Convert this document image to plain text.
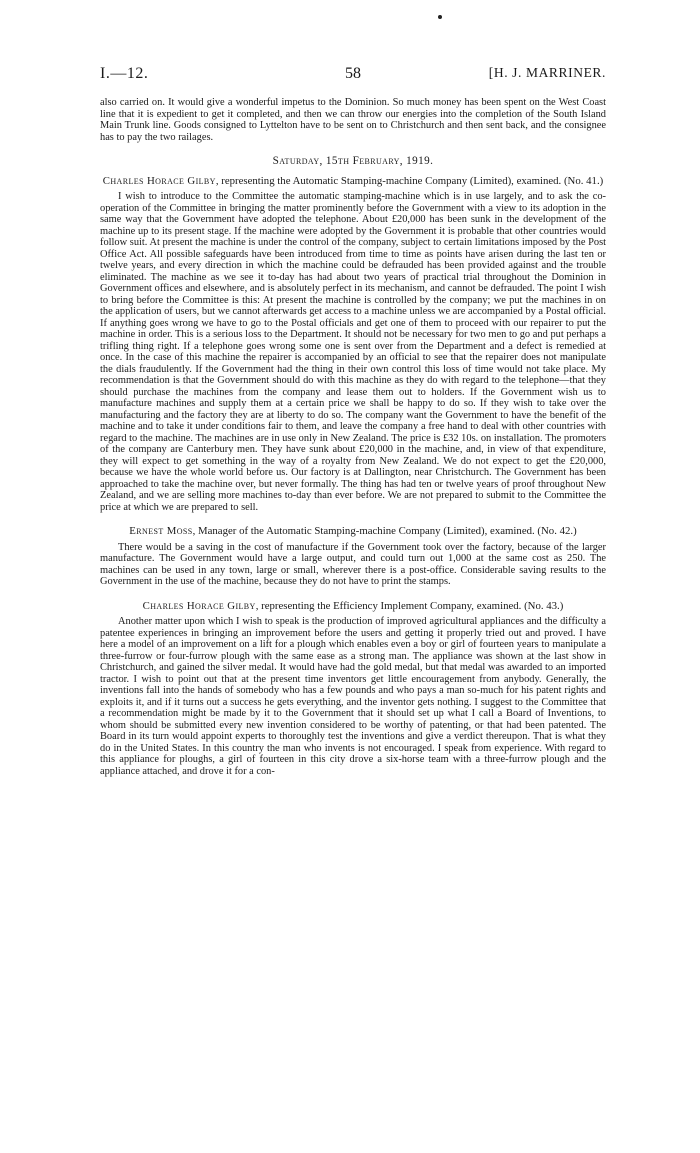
I.—12.	58	[H. J. MARRINER.

also carried on. It would give a wonderful impetus to the Dominion. So much money has been spent on the West Coast line that it is expedient to get it completed, and then we can throw our energies into the completion of the South Island Main Trunk line. Goods consigned to Lyttelton have to be sent on to Christchurch and then sent back, and the consignee has to pay the two railages.

Saturday, 15th February, 1919.
Charles Horace Gilby, representing the Automatic Stamping-machine Company (Limited), examined. (No. 41.)

I wish to introduce to the Committee the automatic stamping-machine which is in use largely, and to ask the co-operation of the Committee in bringing the matter prominently before the Government with a view to its adoption in the same way that the Government have adopted the telephone. About £20,000 has been sunk in the development of the machine up to its present stage. If the machine were adopted by the Government it is probable that other countries would follow suit. At present the machine is under the control of the company, subject to certain limitations imposed by the Post Office Act. All possible safeguards have been introduced from time to time as points have arisen during the last ten or twelve years, and every direction in which the machine could be defrauded has been provided against and the trouble eliminated. The machine as we see it to-day has had about two years of practical trial throughout the Dominion in Government offices and elsewhere, and is absolutely perfect in its mechanism, and cannot be defrauded. The point I wish to bring before the Committee is this: At present the machine is controlled by the company; we put the machines in on the application of users, but we cannot afterwards get access to a machine unless we are accompanied by a Postal official. If anything goes wrong we have to go to the Postal officials and get one of them to proceed with our repairer to put the machine in order. This is a serious loss to the Department. It should not be necessary for two men to go and put perhaps a trifling thing right. If a telephone goes wrong some one is sent over from the Department and a defect is remedied at once. In the case of this machine the repairer is accompanied by an official to see that the repairer does not manipulate the dials fraudulently. If the Government had the thing in their own control this loss of time would not take place. My recommendation is that the Government should do with this machine as they do with regard to the telephone—that they should purchase the machines from the company and lease them out to holders. If the Government wish us to manufacture machines and supply them at a certain price we shall be happy to do so. If they wish to take over the manufacturing and the factory they are at liberty to do so. The company want the Government to have the benefit of the machine and to take it under conditions fair to them, and leave the company a free hand to deal with other countries with regard to the machine. The machines are in use only in New Zealand. The price is £32 10s. on installation. The promoters of the company are Canterbury men. They have sunk about £20,000 in the machine, and, in view of that expenditure, they will expect to get something in the way of a royalty from New Zealand. We do not expect to get the £20,000, because we have the whole world before us. Our factory is at Dallington, near Christchurch. The Government has been approached to take the machine over, but never formally. The thing has had ten or twelve years of proof throughout New Zealand, and we are selling more machines to-day than ever before. We are not prepared to submit to the Committee the price at which we are prepared to sell.

Ernest Moss, Manager of the Automatic Stamping-machine Company (Limited), examined. (No. 42.)

There would be a saving in the cost of manufacture if the Government took over the factory, because of the larger manufacture. The Government would have a large output, and could turn out 1,000 at the same cost as 250. The machines can be used in any town, large or small, wherever there is a post-office. Considerable saving results to the Government in the use of the machine, because they do not have to print the stamps.

Charles Horace Gilby, representing the Efficiency Implement Company, examined. (No. 43.)

Another matter upon which I wish to speak is the production of improved agricultural appliances and the difficulty a patentee experiences in bringing an improvement before the users and getting it properly tried out and proved. I have here a model of an improvement on a lift for a plough which enables even a boy or girl of fourteen years to manipulate a three-furrow or four-furrow plough with the same ease as a strong man. The appliance was shown at the last show in Christchurch, and gained the silver medal. It would have had the gold medal, but that medal was awarded to an imported tractor. I wish to point out that at the present time inventors get little encouragement from anybody. Generally, the inventions fall into the hands of somebody who has a few pounds and who pays a man so-much for his patent rights and exploits it, and if it turns out a success he gets everything, and the inventor gets nothing. I suggest to the Committee that a recommendation might be made by it to the Government that it should set up what I call a Board of Inventions, to whom should be submitted every new invention considered to be worthy of patenting, or that had been patented. The Board in its turn would appoint experts to thoroughly test the inventions and give a verdict thereupon. That is what they do in the United States. In this country the man who invents is not encouraged. I speak from experience. With regard to this appliance for ploughs, a girl of fourteen in this city drove a six-horse team with a three-furrow plough and the appliance attached, and drove it for a con-
